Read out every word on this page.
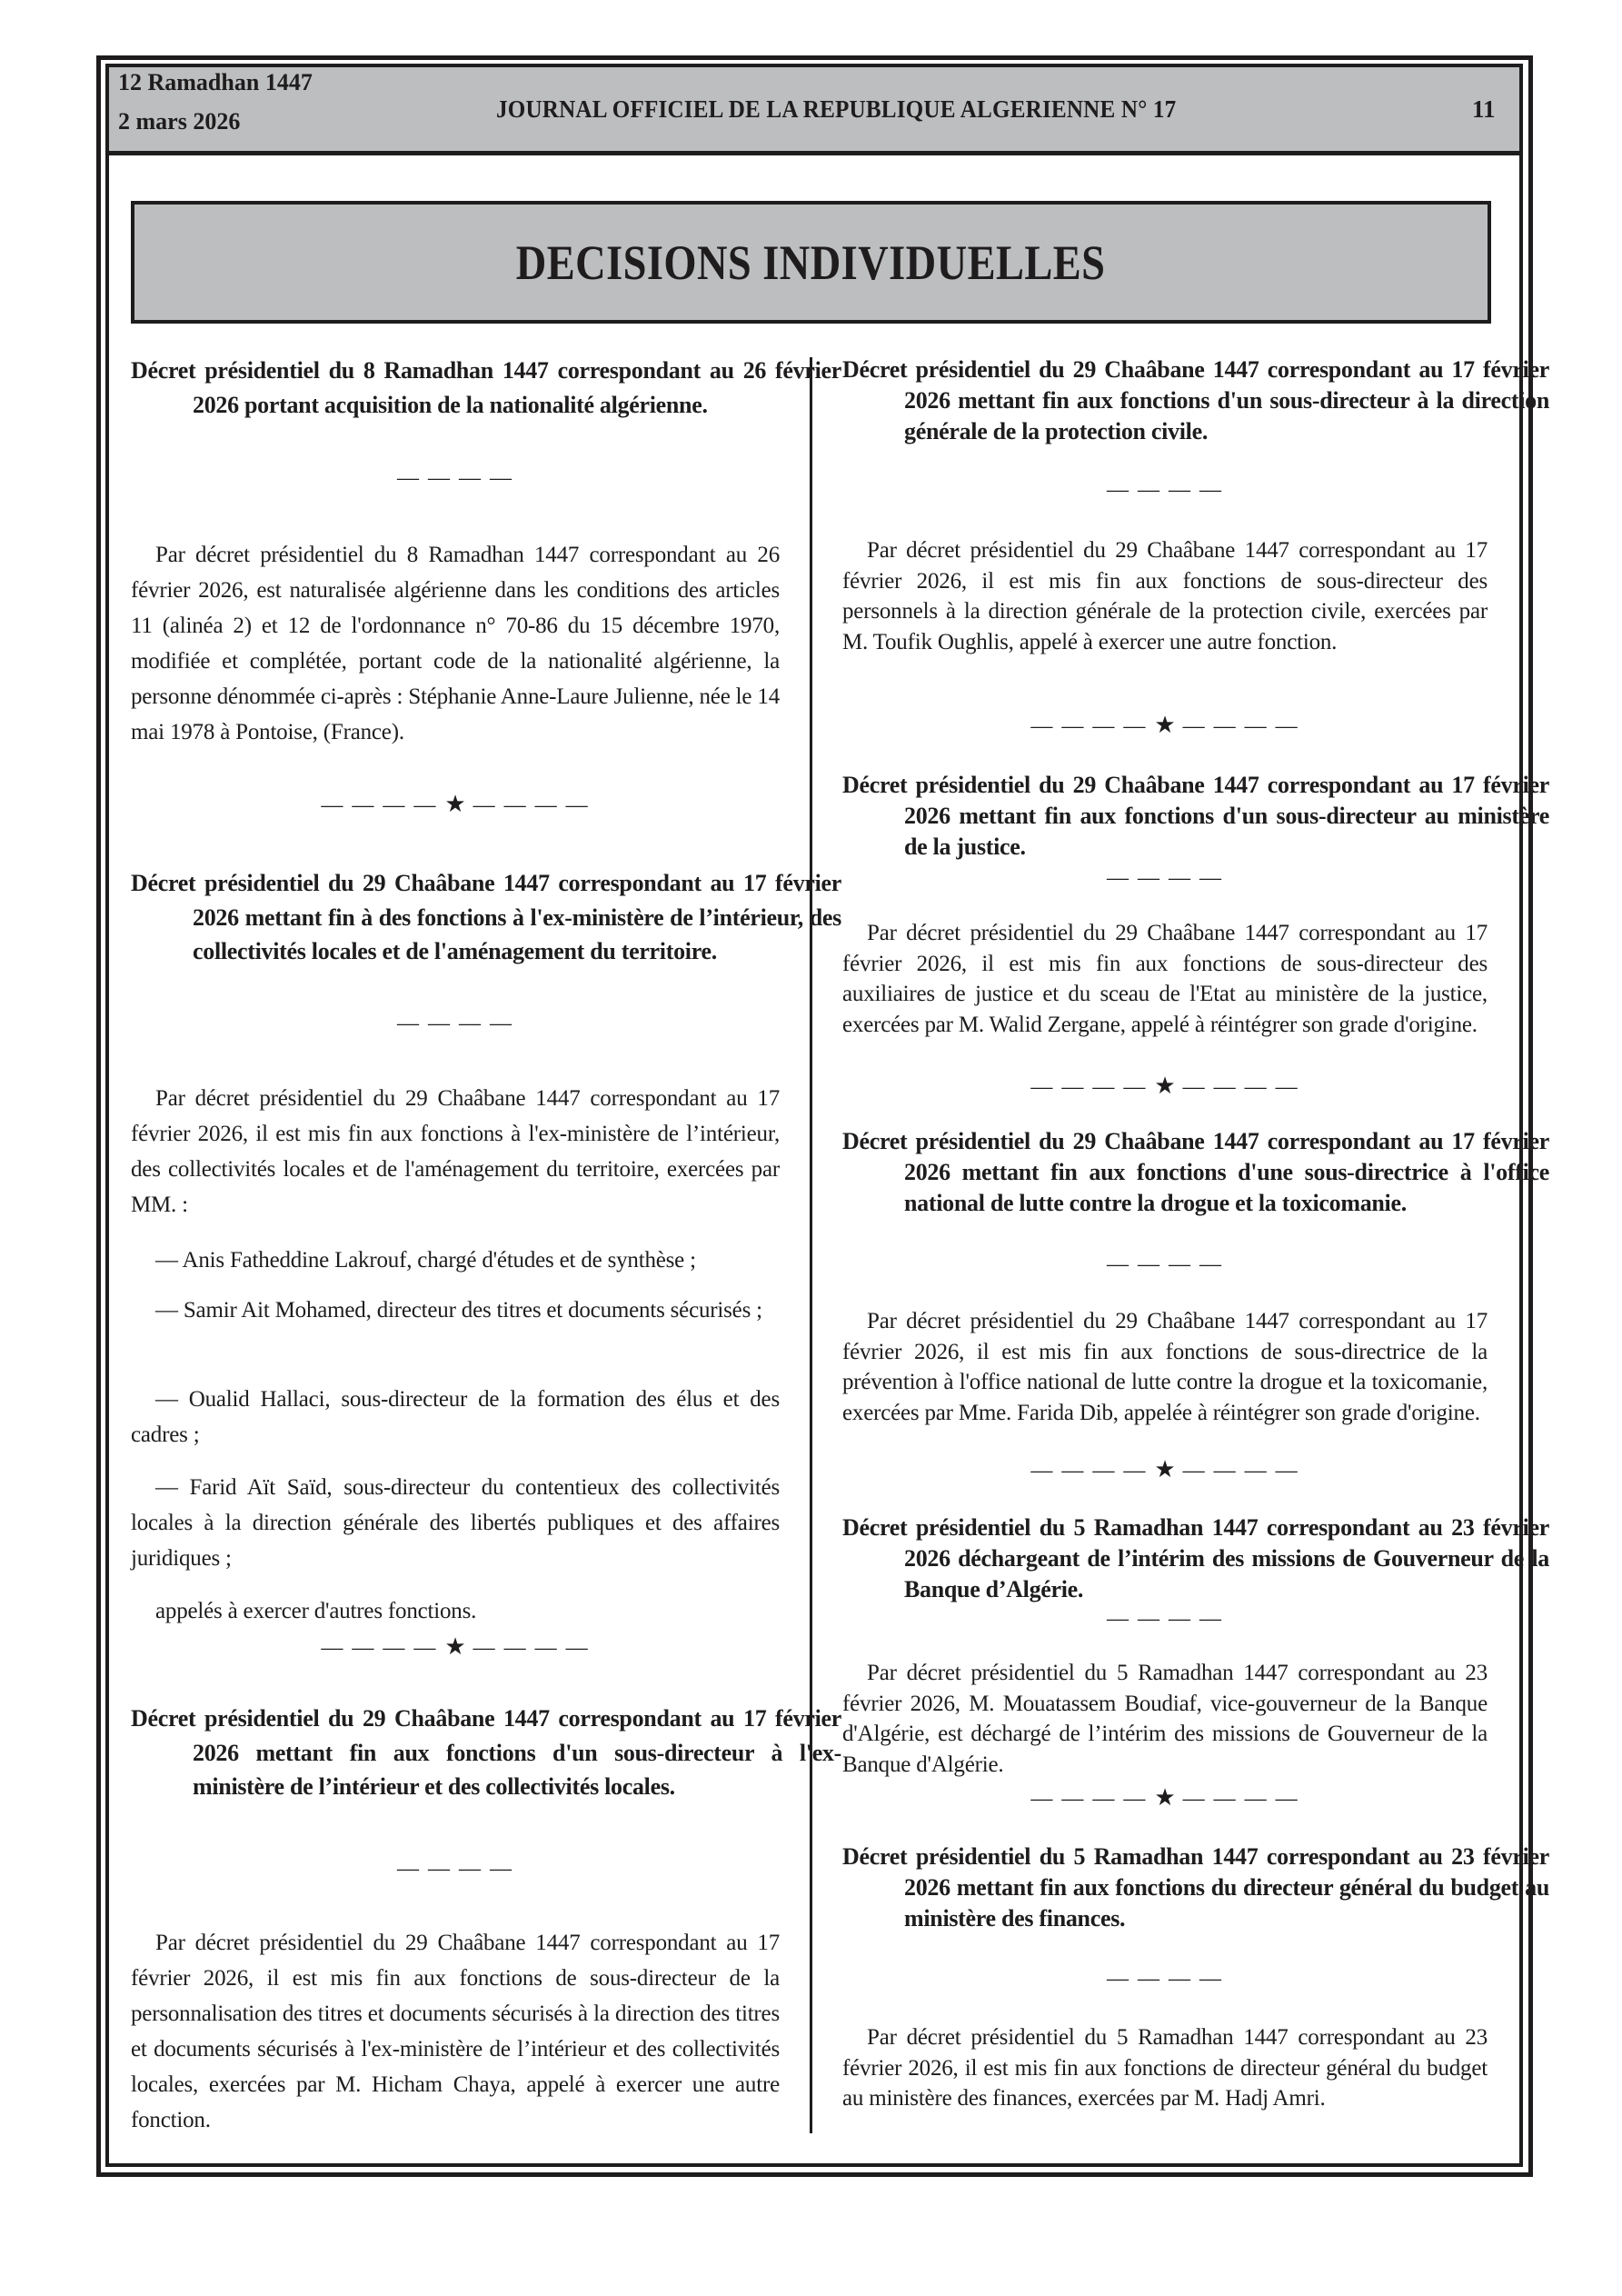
12 Ramadhan 1447
2 mars 2026	JOURNAL OFFICIEL DE LA REPUBLIQUE ALGERIENNE N° 17	11
DECISIONS INDIVIDUELLES
Décret présidentiel du 8 Ramadhan 1447 correspondant au 26 février 2026 portant acquisition de la nationalité algérienne.
— — — —
Par décret présidentiel du 8 Ramadhan 1447 correspondant au 26 février 2026, est naturalisée algérienne dans les conditions des articles 11 (alinéa 2) et 12 de l'ordonnance n° 70-86 du 15 décembre 1970, modifiée et complétée, portant code de la nationalité algérienne, la personne dénommée ci-après : Stéphanie Anne-Laure Julienne, née le 14 mai 1978 à Pontoise, (France).
— — — — ★ — — — —
Décret présidentiel du 29 Chaâbane 1447 correspondant au 17 février 2026 mettant fin à des fonctions à l'ex-ministère de l’intérieur, des collectivités locales et de l'aménagement du territoire.
— — — —
Par décret présidentiel du 29 Chaâbane 1447 correspondant au 17 février 2026, il est mis fin aux fonctions à l'ex-ministère de l’intérieur, des collectivités locales et de l'aménagement du territoire, exercées par MM. :
— Anis Fatheddine Lakrouf, chargé d'études et de synthèse ;
— Samir Ait Mohamed, directeur des titres et documents sécurisés ;
— Oualid Hallaci, sous-directeur de la formation des élus et des cadres ;
— Farid Aït Saïd, sous-directeur du contentieux des collectivités locales à la direction générale des libertés publiques et des affaires juridiques ;
appelés à exercer d'autres fonctions.
— — — — ★ — — — —
Décret présidentiel du 29 Chaâbane 1447 correspondant au 17 février 2026 mettant fin aux fonctions d'un sous-directeur à l'ex-ministère de l’intérieur et des collectivités locales.
— — — —
Par décret présidentiel du 29 Chaâbane 1447 correspondant au 17 février 2026, il est mis fin aux fonctions de sous-directeur de la personnalisation des titres et documents sécurisés à la direction des titres et documents sécurisés à l'ex-ministère de l’intérieur et des collectivités locales, exercées par M. Hicham Chaya, appelé à exercer une autre fonction.
Décret présidentiel du 29 Chaâbane 1447 correspondant au 17 février 2026 mettant fin aux fonctions d'un sous-directeur à la direction générale de la protection civile.
— — — —
Par décret présidentiel du 29 Chaâbane 1447 correspondant au 17 février 2026, il est mis fin aux fonctions de sous-directeur des personnels à la direction générale de la protection civile, exercées par M. Toufik Oughlis, appelé à exercer une autre fonction.
— — — — ★ — — — —
Décret présidentiel du 29 Chaâbane 1447 correspondant au 17 février 2026 mettant fin aux fonctions d'un sous-directeur au ministère de la justice.
— — — —
Par décret présidentiel du 29 Chaâbane 1447 correspondant au 17 février 2026, il est mis fin aux fonctions de sous-directeur des auxiliaires de justice et du sceau de l'Etat au ministère de la justice, exercées par M. Walid Zergane, appelé à réintégrer son grade d'origine.
— — — — ★ — — — —
Décret présidentiel du 29 Chaâbane 1447 correspondant au 17 février 2026 mettant fin aux fonctions d'une sous-directrice à l'office national de lutte contre la drogue et la toxicomanie.
— — — —
Par décret présidentiel du 29 Chaâbane 1447 correspondant au 17 février 2026, il est mis fin aux fonctions de sous-directrice de la prévention à l'office national de lutte contre la drogue et la toxicomanie, exercées par Mme. Farida Dib, appelée à réintégrer son grade d'origine.
— — — — ★ — — — —
Décret présidentiel du 5 Ramadhan 1447 correspondant au 23 février 2026 déchargeant de l’intérim des missions de Gouverneur de la Banque d’Algérie.
— — — —
Par décret présidentiel du 5 Ramadhan 1447 correspondant au 23 février 2026, M. Mouatassem Boudiaf, vice-gouverneur de la Banque d'Algérie, est déchargé de l’intérim des missions de Gouverneur de la Banque d'Algérie.
— — — — ★ — — — —
Décret présidentiel du 5 Ramadhan 1447 correspondant au 23 février 2026 mettant fin aux fonctions du directeur général du budget au ministère des finances.
— — — —
Par décret présidentiel du 5 Ramadhan 1447 correspondant au 23 février 2026, il est mis fin aux fonctions de directeur général du budget au ministère des finances, exercées par M. Hadj Amri.
